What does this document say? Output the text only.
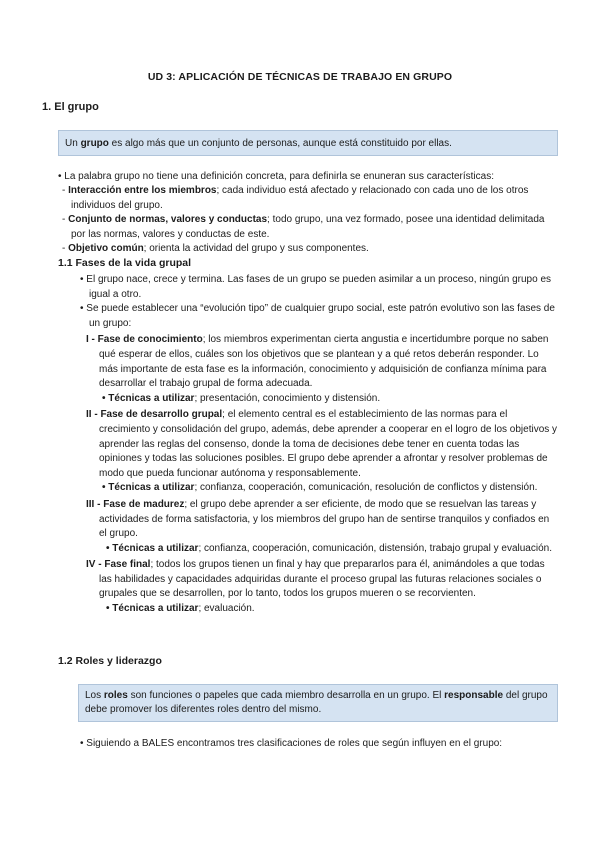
UD 3: APLICACIÓN DE TÉCNICAS DE TRABAJO EN GRUPO
1. El grupo
Un grupo es algo más que un conjunto de personas, aunque está constituido por ellas.
• La palabra grupo no tiene una definición concreta, para definirla se enuneran sus características:
- Interacción entre los miembros; cada individuo está afectado y relacionado con cada uno de los otros individuos del grupo. - Conjunto de normas, valores y conductas; todo grupo, una vez formado, posee una identidad delimitada por las normas, valores y conductas de este. - Objetivo común; orienta la actividad del grupo y sus componentes.
1.1 Fases de la vida grupal
• El grupo nace, crece y termina. Las fases de un grupo se pueden asimilar a un proceso, ningún grupo es igual a otro. • Se puede establecer una “evolución tipo” de cualquier grupo social, este patrón evolutivo son las fases de un grupo:
I - Fase de conocimiento; los miembros experimentan cierta angustia e incertidumbre porque no saben qué esperar de ellos, cuáles son los objetivos que se plantean y a qué retos deberán responder. Lo más importante de esta fase es la información, conocimiento y adquisición de confianza mínima para desarrollar el trabajo grupal de forma adecuada.
• Técnicas a utilizar; presentación, conocimiento y distensión.
II - Fase de desarrollo grupal; el elemento central es el establecimiento de las normas para el crecimiento y consolidación del grupo, además, debe aprender a cooperar en el logro de los objetivos y aprender las reglas del consenso, donde la toma de decisiones debe tener en cuenta todas las opiniones y todas las soluciones posibles. El grupo debe aprender a afrontar y resolver problemas de modo que pueda funcionar autónoma y responsablemente. • Técnicas a utilizar; confianza, cooperación, comunicación, resolución de conflictos y distensión.
III - Fase de madurez; el grupo debe aprender a ser eficiente, de modo que se resuelvan las tareas y actividades de forma satisfactoria, y los miembros del grupo han de sentirse tranquilos y confiados en el grupo. • Técnicas a utilizar; confianza, cooperación, comunicación, distensión, trabajo grupal y evaluación.
IV - Fase final; todos los grupos tienen un final y hay que prepararlos para él, animándoles a que todas las habilidades y capacidades adquiridas durante el proceso grupal las futuras relaciones sociales o grupales que se desarrollen, por lo tanto, todos los grupos mueren o se recorvienten.
• Técnicas a utilizar; evaluación.
1.2 Roles y liderazgo
Los roles son funciones o papeles que cada miembro desarrolla en un grupo. El responsable del grupo debe promover los diferentes roles dentro del mismo.
• Siguiendo a BALES encontramos tres clasificaciones de roles que según influyen en el grupo:
